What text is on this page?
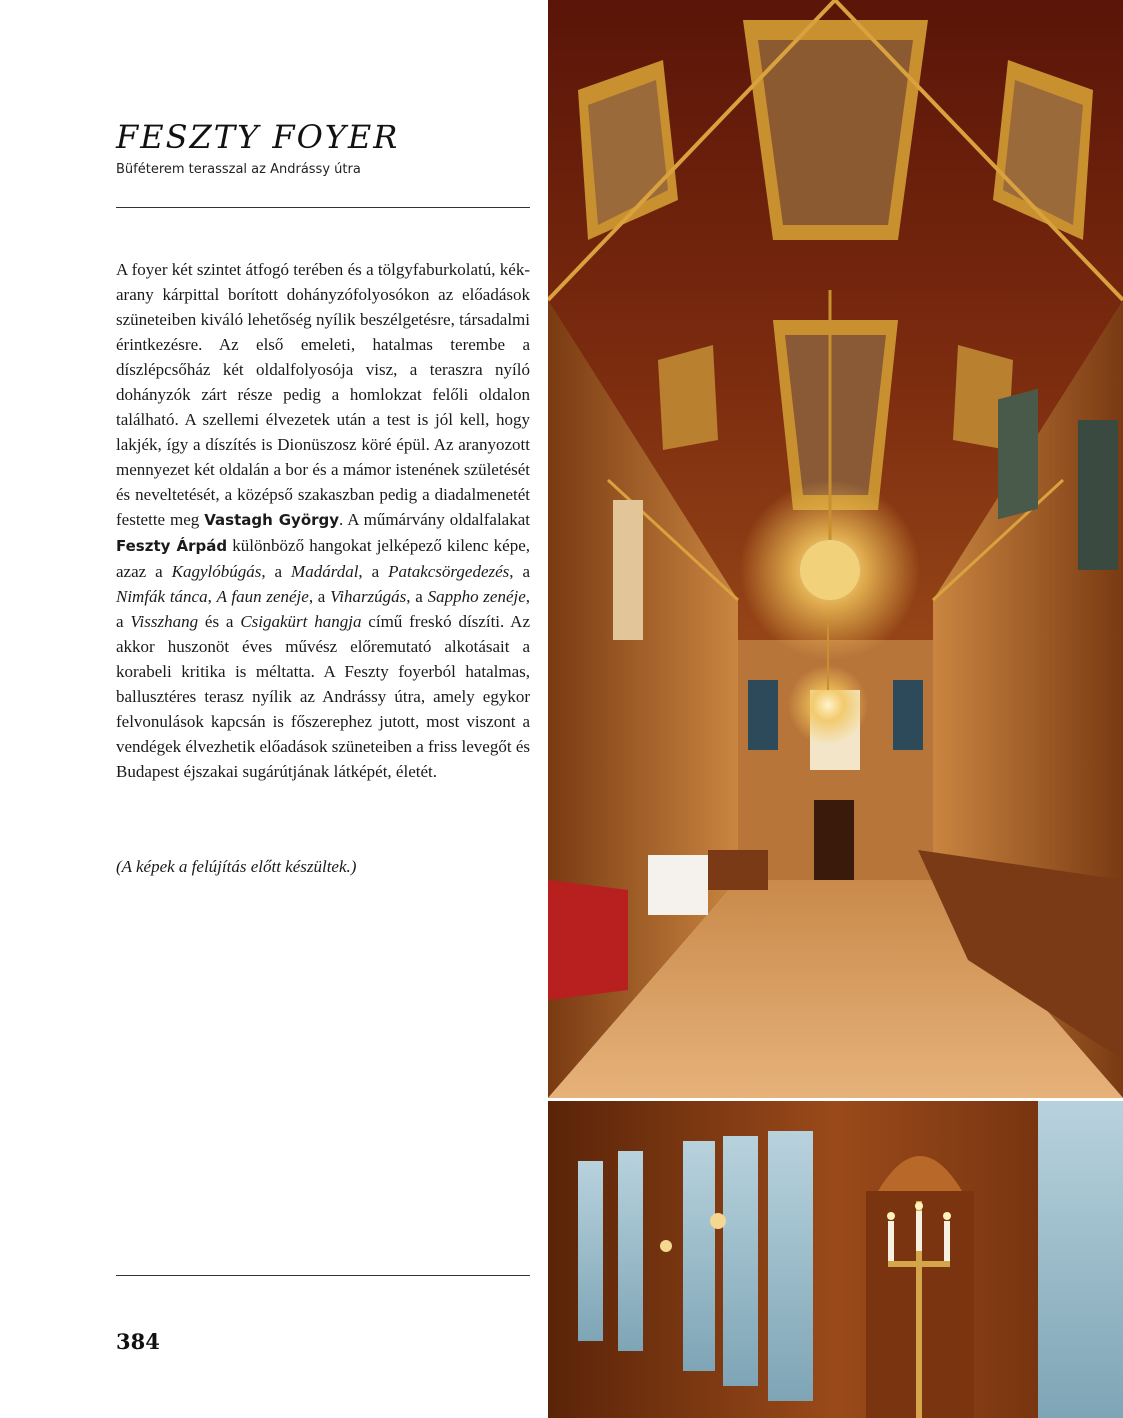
FESZTY FOYER
Büféterem terasszal az Andrássy útra

A foyer két szintet átfogó terében és a tölgyfaburkolatú, kék-arany kárpittal borított dohányzófolyosókon az előadások szüneteiben kiváló lehetőség nyílik beszélgetésre, társadalmi érintkezésre. Az első emeleti, hatalmas terembe a díszlépcsőház két oldalfolyosója visz, a teraszra nyíló dohányzók zárt része pedig a homlokzat felőli oldalon található. A szellemi élvezetek után a test is jól kell, hogy lakjék, így a díszítés is Dionüszosz köré épül. Az aranyozott mennyezet két oldalán a bor és a mámor istenének születését és neveltetését, a középső szakaszban pedig a diadalmenetét festette meg Vastagh György. A műmárvány oldalfalakat Feszty Árpád különböző hangokat jelképező kilenc képe, azaz a Kagylóbúgás, a Madárdal, a Patakcsörgedezés, a Nimfák tánca, A faun zenéje, a Viharzúgás, a Sappho zenéje, a Visszhang és a Csigakürt hangja című freskó díszíti. Az akkor huszonöt éves művész előremutató alkotásait a korabeli kritika is méltatta. A Feszty foyerból hatalmas, ballusztéres terasz nyílik az Andrássy útra, amely egykor felvonulások kapcsán is főszerephez jutott, most viszont a vendégek élvezhetik előadások szüneteiben a friss levegőt és Budapest éjszakai sugárútjának látképét, életét.

(A képek a felújítás előtt készültek.)
384
